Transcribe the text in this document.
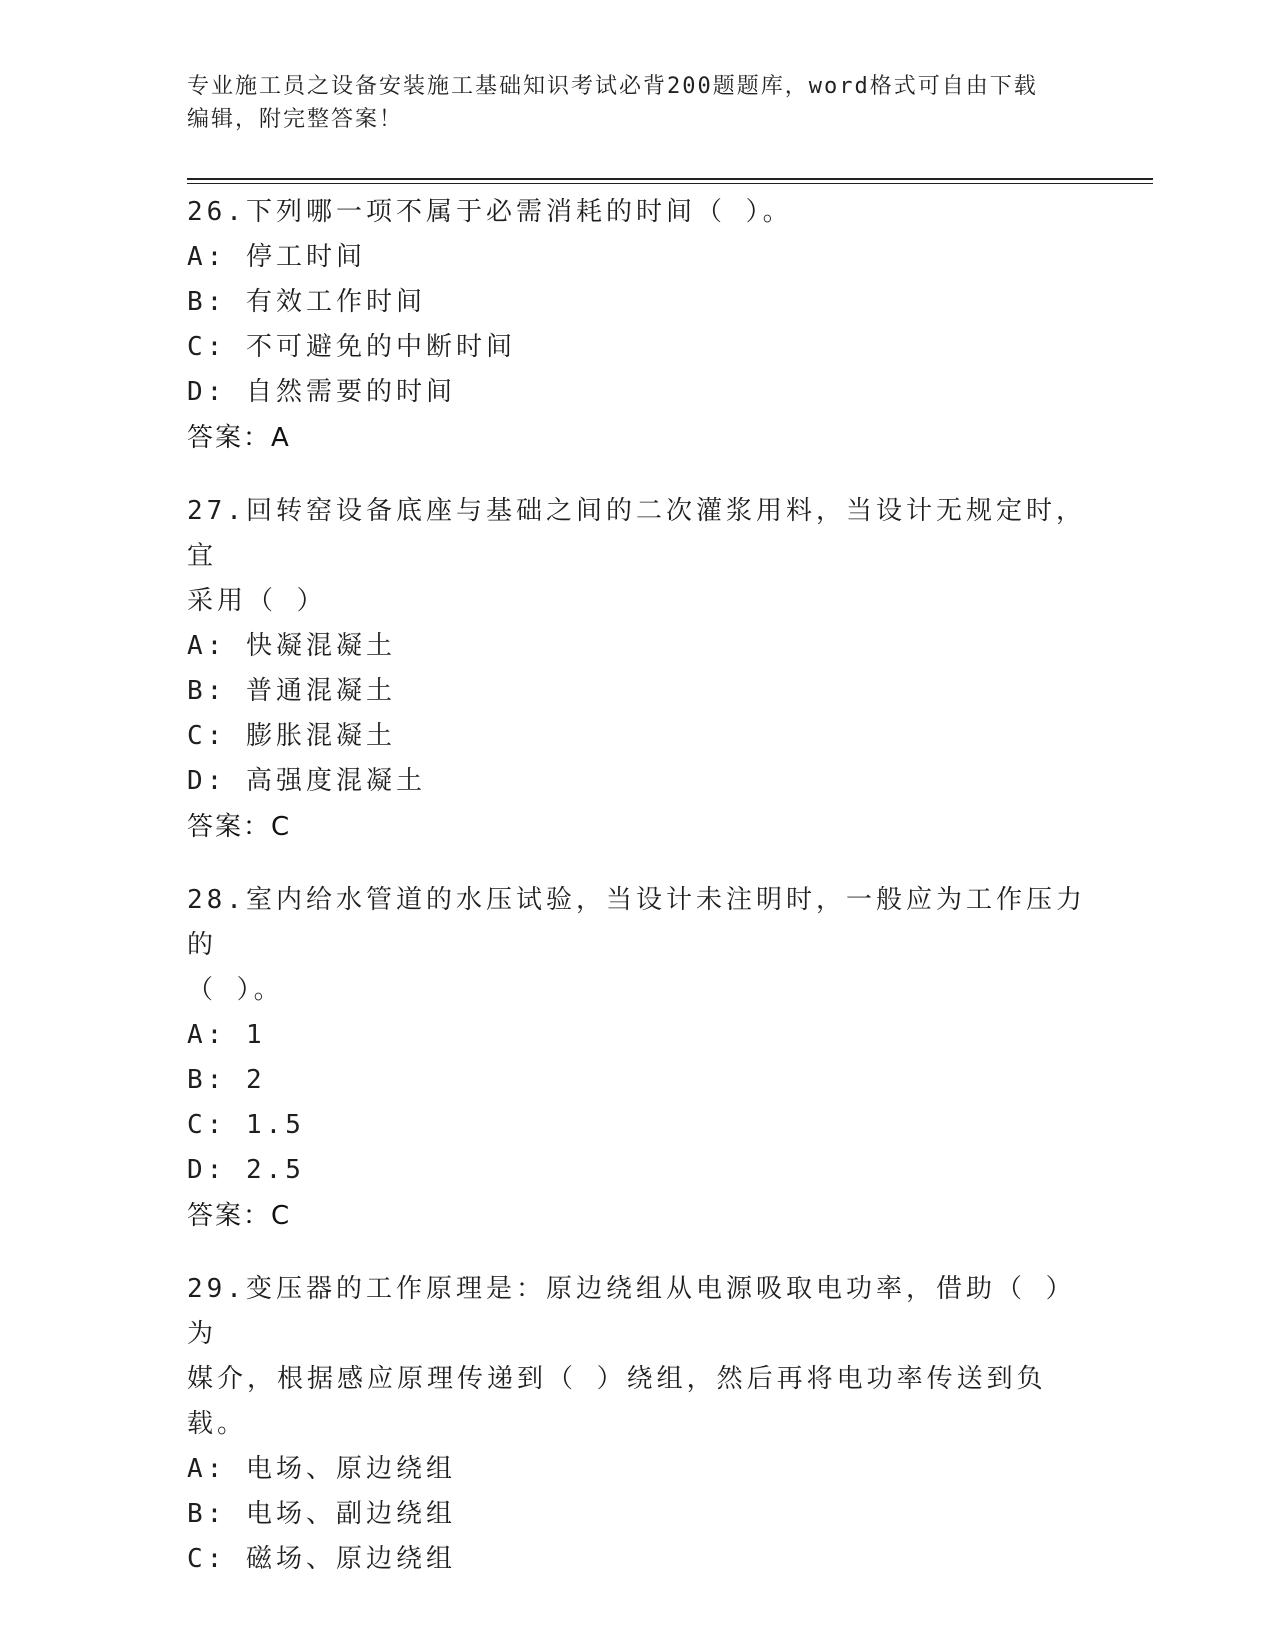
专业施工员之设备安装施工基础知识考试必背200题题库，word格式可自由下载
编辑，附完整答案！

26.下列哪一项不属于必需消耗的时间（ ）。

A: 停工时间

B: 有效工作时间

C: 不可避免的中断时间

D: 自然需要的时间

答案：A

27.回转窑设备底座与基础之间的二次灌浆用料，当设计无规定时，宜

采用（ ）

A: 快凝混凝土

B: 普通混凝土

C: 膨胀混凝土

D: 高强度混凝土

答案：C

28.室内给水管道的水压试验，当设计未注明时，一般应为工作压力的

（ ）。

A: 1

B: 2

C: 1.5

D: 2.5

答案：C

29.变压器的工作原理是：原边绕组从电源吸取电功率，借助（ ）为

媒介，根据感应原理传递到（ ）绕组，然后再将电功率传送到负载。

A: 电场、原边绕组

B: 电场、副边绕组

C: 磁场、原边绕组
